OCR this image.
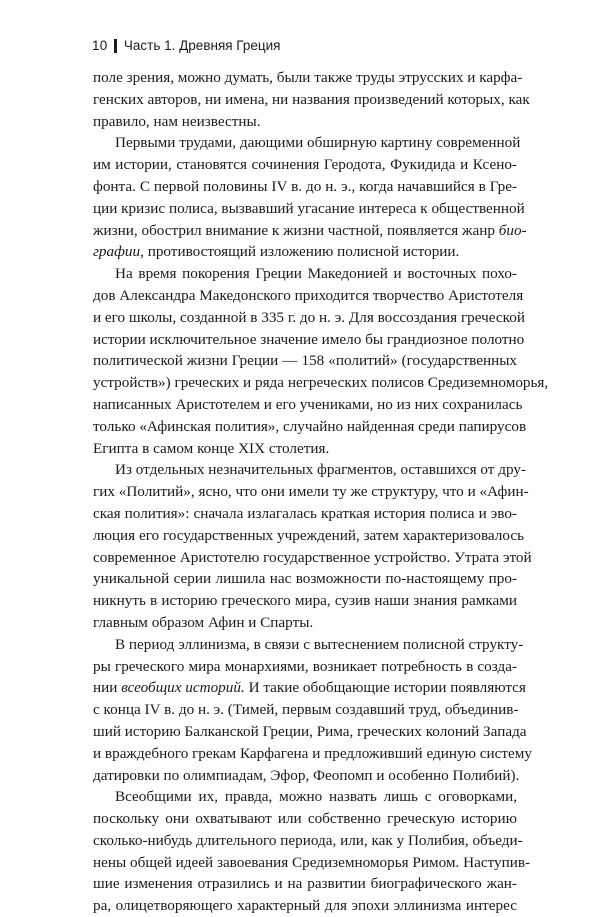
10 Часть 1. Древняя Греция
поле зрения, можно думать, были также труды этрусских и карфа-
генских авторов, ни имена, ни названия произведений которых, как
правило, нам неизвестны.
Первыми трудами, дающими обширную картину современной
им истории, становятся сочинения Геродота, Фукидида и Ксено-
фонта. С первой половины IV в. до н. э., когда начавшийся в Гре-
ции кризис полиса, вызвавший угасание интереса к общественной
жизни, обострил внимание к жизни частной, появляется жанр био-
графии, противостоящий изложению полисной истории.
На время покорения Греции Македонией и восточных похо-
дов Александра Македонского приходится творчество Аристотеля
и его школы, созданной в 335 г. до н. э. Для воссоздания греческой
истории исключительное значение имело бы грандиозное полотно
политической жизни Греции — 158 «политий» (государственных
устройств») греческих и ряда негреческих полисов Средиземноморья,
написанных Аристотелем и его учениками, но из них сохранилась
только «Афинская полития», случайно найденная среди папирусов
Египта в самом конце XIX столетия.
Из отдельных незначительных фрагментов, оставшихся от дру-
гих «Политий», ясно, что они имели ту же структуру, что и «Афин-
ская полития»: сначала излагалась краткая история полиса и эво-
люция его государственных учреждений, затем характеризовалось
современное Аристотелю государственное устройство. Утрата этой
уникальной серии лишила нас возможности по-настоящему про-
никнуть в историю греческого мира, сузив наши знания рамками
главным образом Афин и Спарты.
В период эллинизма, в связи с вытеснением полисной структу-
ры греческого мира монархиями, возникает потребность в созда-
нии всеобщих историй. И такие обобщающие истории появляются
с конца IV в. до н. э. (Тимей, первым создавший труд, объединив-
ший историю Балканской Греции, Рима, греческих колоний Запада
и враждебного грекам Карфагена и предложивший единую систему
датировки по олимпиадам, Эфор, Феопомп и особенно Полибий).
Всеобщими их, правда, можно назвать лишь с оговорками,
поскольку они охватывают или собственно греческую историю
сколько-нибудь длительного периода, или, как у Полибия, объеди-
нены общей идеей завоевания Средиземноморья Римом. Наступив-
шие изменения отразились и на развитии биографического жан-
ра, олицетворяющего характерный для эпохи эллинизма интерес
